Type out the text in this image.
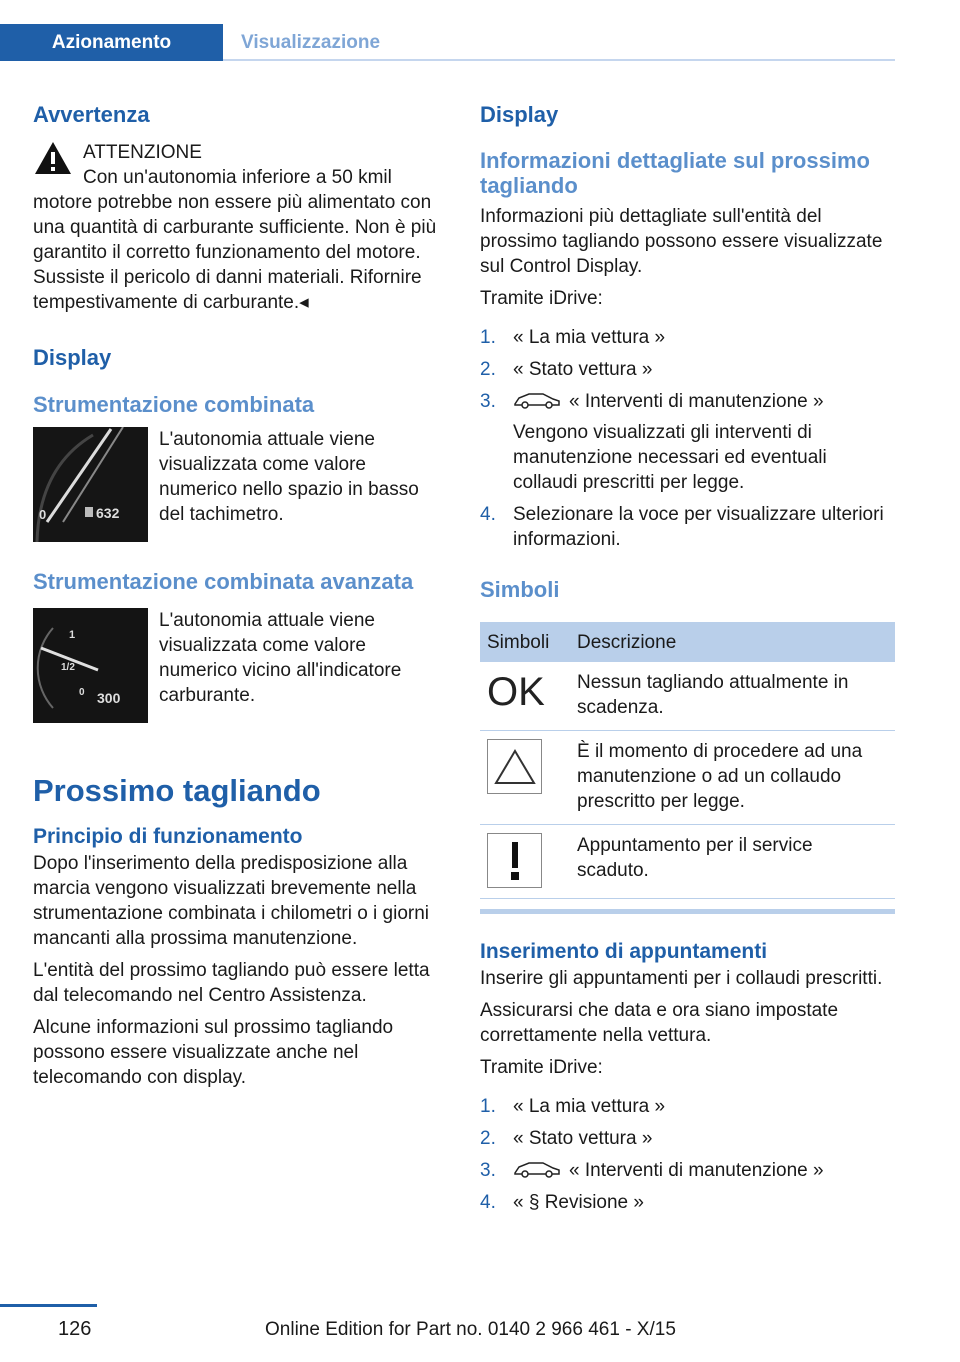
Azionamento	Visualizzazione
Avvertenza

ATTENZIONE

Con un'autonomia inferiore a 50 kmil

motore potrebbe non essere più alimentato con una quantità di carburante sufficiente. Non è più garantito il corretto funzionamento del motore. Sussiste il pericolo di danni materiali. Rifornire tempestivamente di carburante.◂

Display
Strumentazione combinata
0	632

L'autonomia attuale viene visualizzata come valore numerico nello spazio in basso del tachimetro.

Strumentazione combinata avanzata
1
1/2
0 300

L'autonomia attuale viene visualizzata come valore numerico vicino all'indicatore carburante.

Prossimo tagliando
Principio di funzionamento

Dopo l'inserimento della predisposizione alla marcia vengono visualizzati brevemente nella strumentazione combinata i chilometri o i giorni mancanti alla prossima manutenzione.

L'entità del prossimo tagliando può essere letta dal telecomando nel Centro Assistenza.

Alcune informazioni sul prossimo tagliando possono essere visualizzate anche nel telecomando con display.

Display
Informazioni dettagliate sul prossimo tagliando

Informazioni più dettagliate sull'entità del prossimo tagliando possono essere visualizzate sul Control Display.

Tramite iDrive:

1. « La mia vettura »
2. « Stato vettura »
3.	« Interventi di manutenzione »

Vengono visualizzati gli interventi di manutenzione necessari ed eventuali collaudi prescritti per legge.

4. Selezionare la voce per visualizzare ulteriori informazioni.
Simboli
Simboli	Descrizione
OK	Nessun tagliando attualmente in scadenza.

	È il momento di procedere ad una manutenzione o ad un collaudo prescritto per legge.

	Appuntamento per il service scaduto.
Inserimento di appuntamenti

Inserire gli appuntamenti per i collaudi prescritti.

Assicurarsi che data e ora siano impostate correttamente nella vettura.

Tramite iDrive:

1. « La mia vettura »
2. « Stato vettura »
3.	« Interventi di manutenzione »
4. « § Revisione »
126	Online Edition for Part no. 0140 2 966 461 - X/15
